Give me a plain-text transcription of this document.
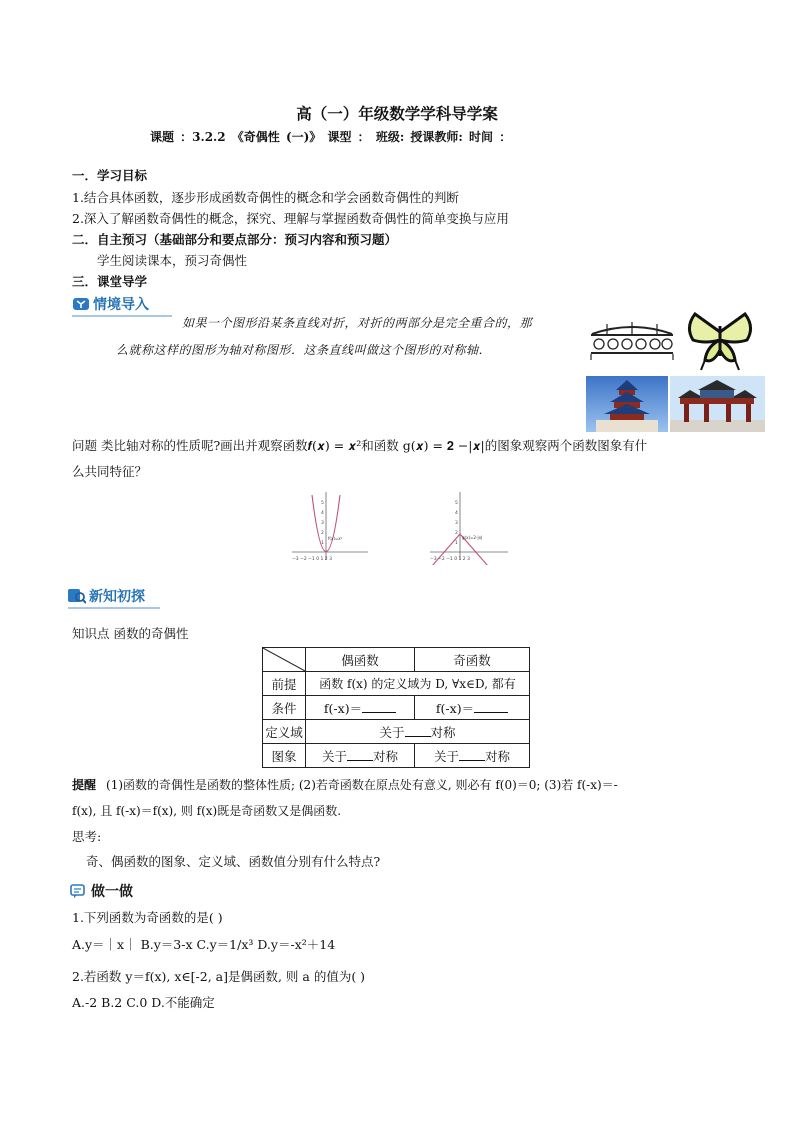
高（一）年级数学学科导学案
课题 ：3.2.2 《奇偶性 (一)》 课型 ： 班级: 授课教师: 时间 ：
一．学习目标
1.结合具体函数，逐步形成函数奇偶性的概念和学会函数奇偶性的判断
2.深入了解函数奇偶性的概念，探究、理解与掌握函数奇偶性的简单变换与应用
二．自主预习（基础部分和要点部分：预习内容和预习题）
学生阅读课本，预习奇偶性
三．课堂导学
情境导入
如果一个图形沿某条直线对折，对折的两部分是完全重合的，那
么就称这样的图形为轴对称图形．这条直线叫做这个图形的对称轴．
问题 类比轴对称的性质呢?画出并观察函数𝒇(𝒙) = 𝒙²和函数 g(𝒙) = 𝟐 −|𝒙|的图象观察两个函数图象有什
么共同特征？
f(x)=x²
−3 −2 −1 0 1 2 3
5
4
3
2
1
g(x)=2-|x|
−3 −2 −1 0 1 2 3
5
4
3
2
1
新知初探
知识点 函数的奇偶性
	偶函数	奇函数
前提	函数 f(x) 的定义域为 D, ∀x∈D, 都有	
条件	f(-x)＝	f(-x)＝
定义域	关于 对称	
图象	关于 对称	关于 对称
提醒 (1)函数的奇偶性是函数的整体性质; (2)若奇函数在原点处有意义, 则必有 f(0)＝0; (3)若 f(-x)＝-
f(x), 且 f(-x)＝f(x), 则 f(x)既是奇函数又是偶函数.
思考:
奇、偶函数的图象、定义域、函数值分别有什么特点?
做一做
1.下列函数为奇函数的是( )
A.y＝｜x｜ B.y＝3-x C.y＝1/x³ D.y＝-x²＋14
2.若函数 y＝f(x), x∈[-2, a]是偶函数, 则 a 的值为( )
A.-2 B.2 C.0 D.不能确定
